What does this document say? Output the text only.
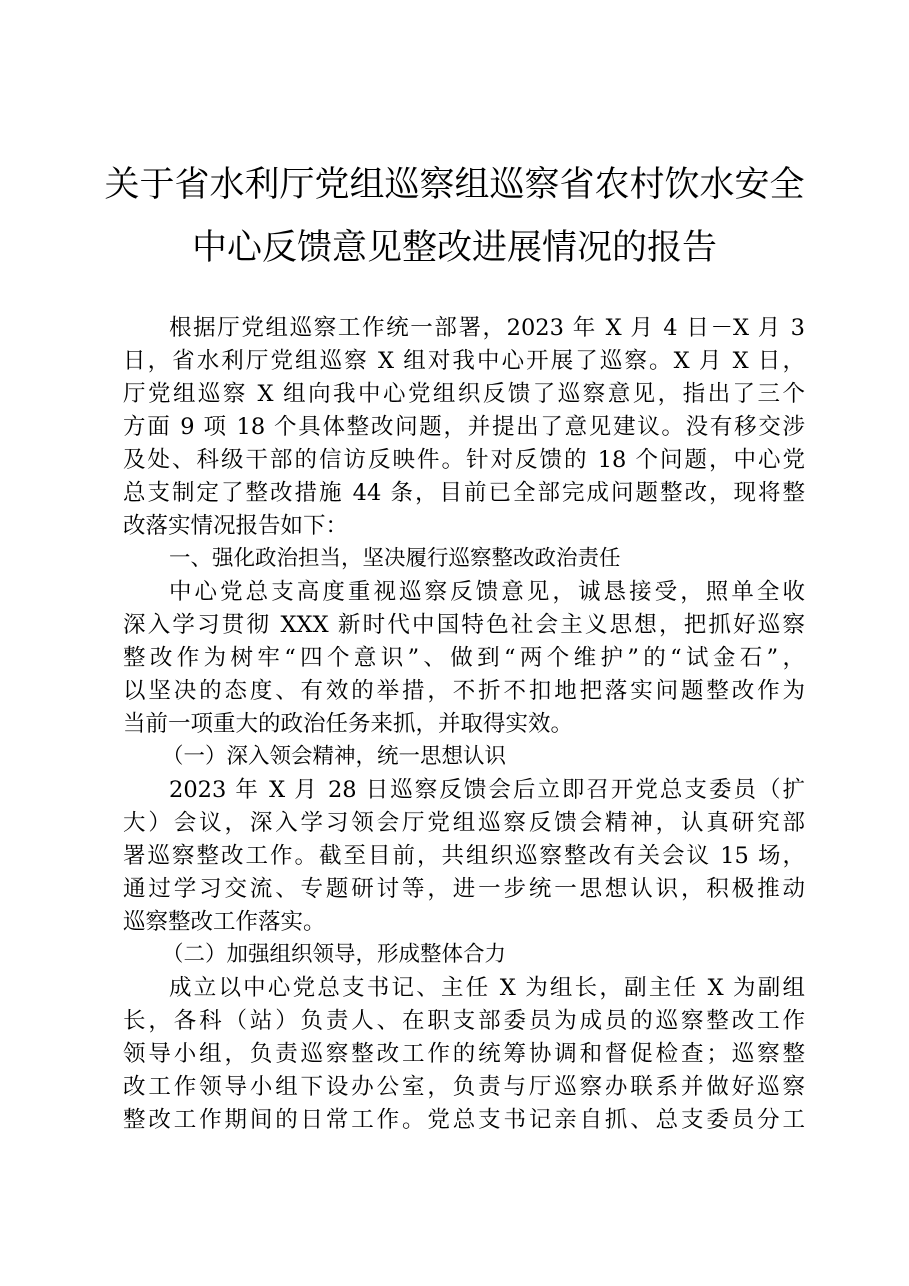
关于省水利厅党组巡察组巡察省农村饮水安全
中心反馈意见整改进展情况的报告
根据厅党组巡察工作统一部署，2023 年 X 月 4 日－X 月 3
日，省水利厅党组巡察 X 组对我中心开展了巡察。X 月 X 日，
厅党组巡察 X 组向我中心党组织反馈了巡察意见，指出了三个
方面 9 项 18 个具体整改问题，并提出了意见建议。没有移交涉
及处、科级干部的信访反映件。针对反馈的 18 个问题，中心党
总支制定了整改措施 44 条，目前已全部完成问题整改，现将整
改落实情况报告如下：
一、强化政治担当，坚决履行巡察整改政治责任
中心党总支高度重视巡察反馈意见，诚恳接受，照单全收
深入学习贯彻 XXX 新时代中国特色社会主义思想，把抓好巡察
整改作为树牢“四个意识”、做到“两个维护”的“试金石”，
以坚决的态度、有效的举措，不折不扣地把落实问题整改作为
当前一项重大的政治任务来抓，并取得实效。
（一）深入领会精神，统一思想认识
2023 年 X 月 28 日巡察反馈会后立即召开党总支委员（扩
大）会议，深入学习领会厅党组巡察反馈会精神，认真研究部
署巡察整改工作。截至目前，共组织巡察整改有关会议 15 场，
通过学习交流、专题研讨等，进一步统一思想认识，积极推动
巡察整改工作落实。
（二）加强组织领导，形成整体合力
成立以中心党总支书记、主任 X 为组长，副主任 X 为副组
长，各科（站）负责人、在职支部委员为成员的巡察整改工作
领导小组，负责巡察整改工作的统筹协调和督促检查；巡察整
改工作领导小组下设办公室，负责与厅巡察办联系并做好巡察
整改工作期间的日常工作。党总支书记亲自抓、总支委员分工
